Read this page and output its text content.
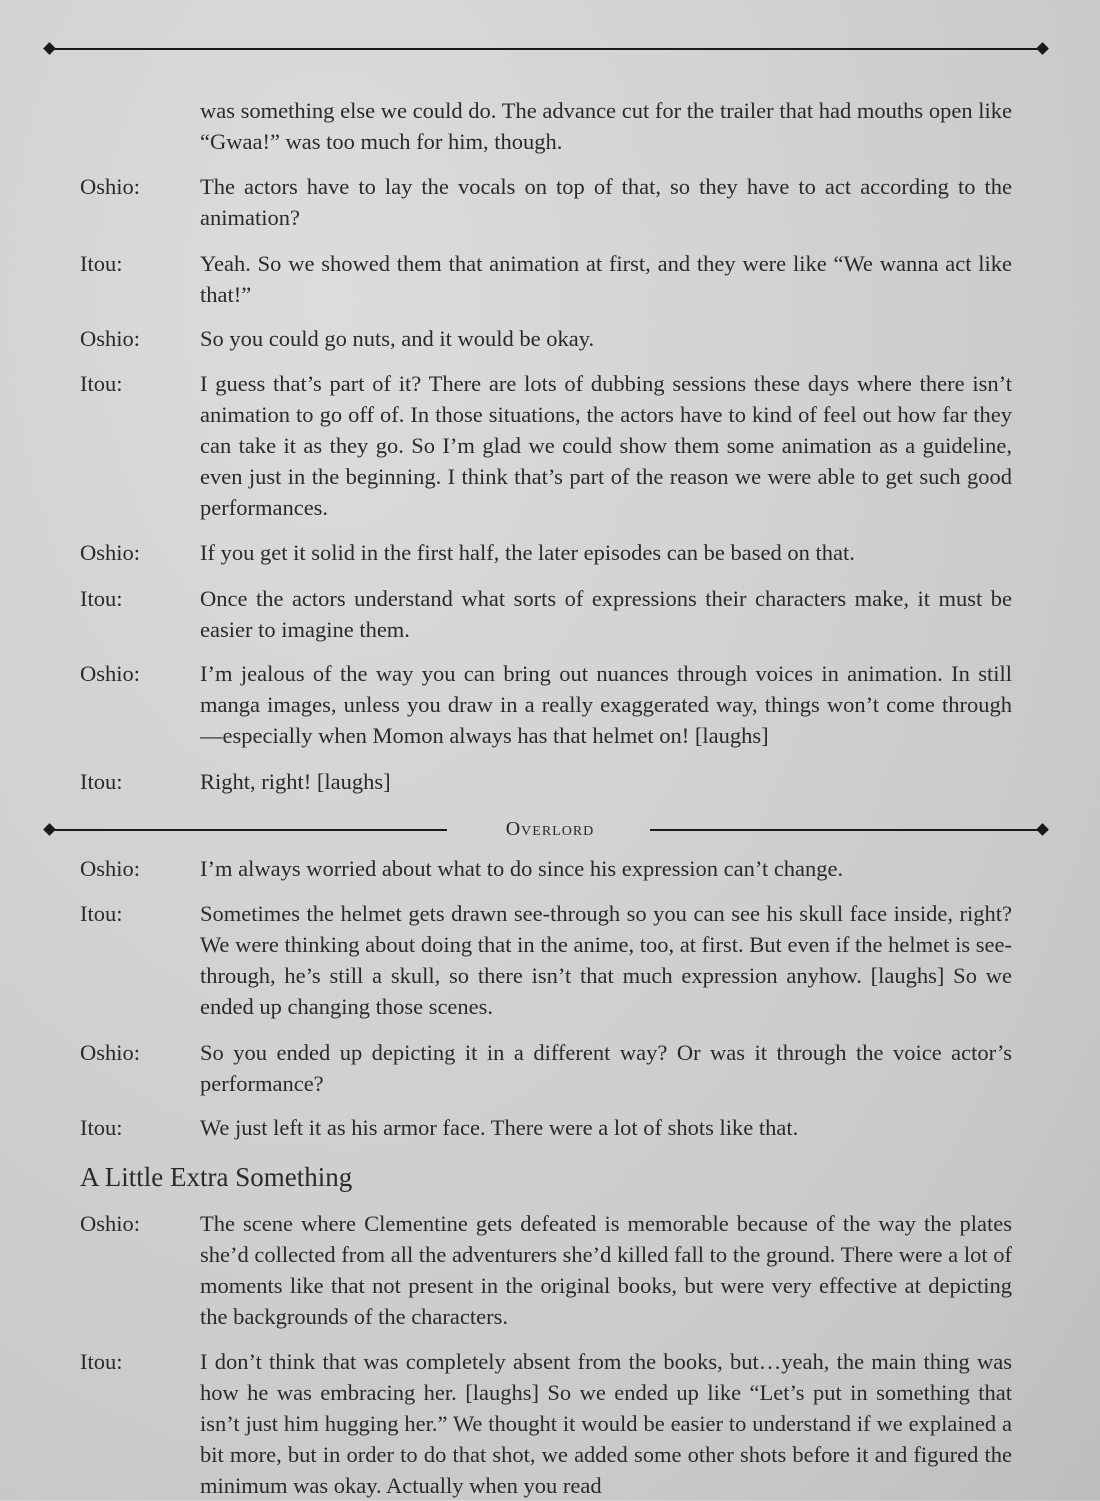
was something else we could do. The advance cut for the trailer that had mouths open like “Gwaa!” was too much for him, though.
Oshio:	The actors have to lay the vocals on top of that, so they have to act according to the animation?
Itou:	Yeah. So we showed them that animation at first, and they were like “We wanna act like that!”
Oshio:	So you could go nuts, and it would be okay.
Itou:	I guess that’s part of it? There are lots of dubbing sessions these days where there isn’t animation to go off of. In those situations, the actors have to kind of feel out how far they can take it as they go. So I’m glad we could show them some animation as a guideline, even just in the beginning. I think that’s part of the reason we were able to get such good performances.
Oshio:	If you get it solid in the first half, the later episodes can be based on that.
Itou:	Once the actors understand what sorts of expressions their characters make, it must be easier to imagine them.
Oshio:	I’m jealous of the way you can bring out nuances through voices in animation. In still manga images, unless you draw in a really exaggerated way, things won’t come through—especially when Momon always has that helmet on! [laughs]
Itou:	Right, right! [laughs]
Overlord
Oshio:	I’m always worried about what to do since his expression can’t change.
Itou:	Sometimes the helmet gets drawn see-through so you can see his skull face inside, right? We were thinking about doing that in the anime, too, at first. But even if the helmet is see-through, he’s still a skull, so there isn’t that much expression anyhow. [laughs] So we ended up changing those scenes.
Oshio:	So you ended up depicting it in a different way? Or was it through the voice actor’s performance?
Itou:	We just left it as his armor face. There were a lot of shots like that.
A Little Extra Something
Oshio:	The scene where Clementine gets defeated is memorable because of the way the plates she’d collected from all the adventurers she’d killed fall to the ground. There were a lot of moments like that not present in the original books, but were very effective at depicting the backgrounds of the characters.
Itou:	I don’t think that was completely absent from the books, but…yeah, the main thing was how he was embracing her. [laughs] So we ended up like “Let’s put in something that isn’t just him hugging her.” We thought it would be easier to understand if we explained a bit more, but in order to do that shot, we added some other shots before it and figured the minimum was okay. Actually when you read
